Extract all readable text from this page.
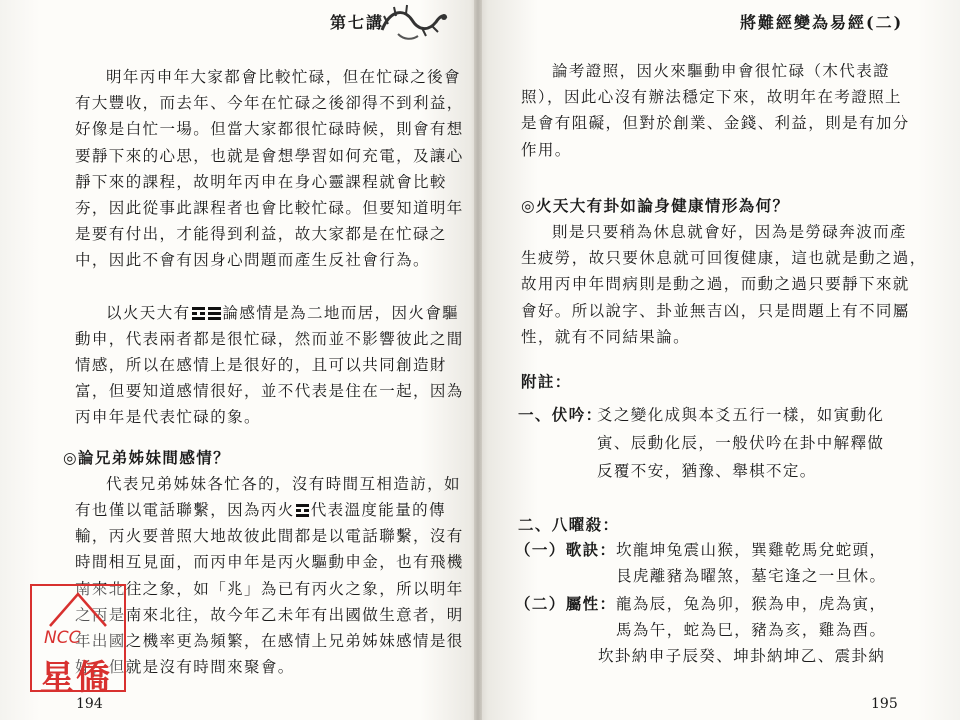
第七講

明年丙申年大家都會比較忙碌，但在忙碌之後會

有大豐收，而去年、今年在忙碌之後卻得不到利益，

好像是白忙一場。但當大家都很忙碌時候，則會有想

要靜下來的心思，也就是會想學習如何充電，及讓心

靜下來的課程，故明年丙申在身心靈課程就會比較

夯，因此從事此課程者也會比較忙碌。但要知道明年

是要有付出，才能得到利益，故大家都是在忙碌之

中，因此不會有因身心問題而產生反社會行為。

以火天大有 論感情是為二地而居，因火會驅

動申，代表兩者都是很忙碌，然而並不影響彼此之間

情感，所以在感情上是很好的，且可以共同創造財

富，但要知道感情很好，並不代表是住在一起，因為

丙申年是代表忙碌的象。

◎論兄弟姊妹間感情？

代表兄弟姊妹各忙各的，沒有時間互相造訪，如

有也僅以電話聯繫，因為丙火 代表溫度能量的傳

輸，丙火要普照大地故彼此間都是以電話聯繫，沒有

時間相互見面，而丙申年是丙火驅動申金，也有飛機

南來北往之象，如「兆」為已有丙火之象，所以明年

之丙是南來北往，故今年乙未年有出國做生意者，明

年出國之機率更為頻繁，在感情上兄弟姊妹感情是很

好，但就是沒有時間來聚會。

194
NCC
星僑
將難經變為易經(二)

論考證照，因火來驅動申會很忙碌（木代表證

照），因此心沒有辦法穩定下來，故明年在考證照上

是會有阻礙，但對於創業、金錢、利益，則是有加分

作用。

◎火天大有卦如論身健康情形為何？

則是只要稍為休息就會好，因為是勞碌奔波而產

生疲勞，故只要休息就可回復健康，這也就是動之過，

故用丙申年問病則是動之過，而動之過只要靜下來就

會好。所以說字、卦並無吉凶，只是問題上有不同屬

性，就有不同結果論。

附註：
一、伏吟：
爻之變化成與本爻五行一樣，如寅動化
寅、辰動化辰，一般伏吟在卦中解釋做
反覆不安，猶豫、舉棋不定。
二、八曜殺：
（一）歌訣： 坎龍坤兔震山猴，巽雞乾馬兌蛇頭，
艮虎離豬為曜煞，墓宅逢之一旦休。
（二）屬性： 龍為辰，兔為卯，猴為申，虎為寅，
馬為午，蛇為巳，豬為亥，雞為酉。
坎卦納申子辰癸、坤卦納坤乙、震卦納
195
